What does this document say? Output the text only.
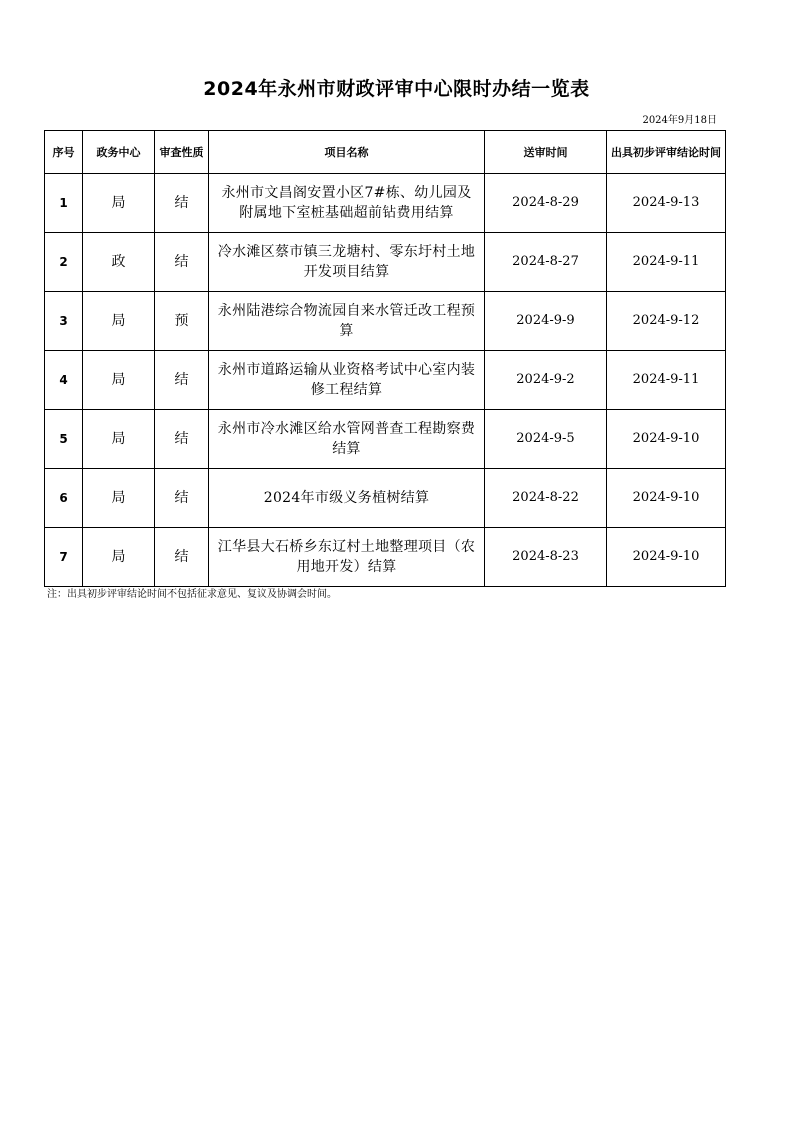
2024年永州市财政评审中心限时办结一览表
2024年9月18日
序号	政务中心	审查性质	项目名称	送审时间	出具初步评审结论时间
1	局	结	永州市文昌阁安置小区7#栋、幼儿园及附属地下室桩基础超前钻费用结算	2024-8-29	2024-9-13
2	政	结	冷水滩区蔡市镇三龙塘村、零东圩村土地开发项目结算	2024-8-27	2024-9-11
3	局	预	永州陆港综合物流园自来水管迁改工程预算	2024-9-9	2024-9-12
4	局	结	永州市道路运输从业资格考试中心室内装修工程结算	2024-9-2	2024-9-11
5	局	结	永州市冷水滩区给水管网普查工程勘察费结算	2024-9-5	2024-9-10
6	局	结	2024年市级义务植树结算	2024-8-22	2024-9-10
7	局	结	江华县大石桥乡东辽村土地整理项目（农用地开发）结算	2024-8-23	2024-9-10
注：出具初步评审结论时间不包括征求意见、复议及协调会时间。
